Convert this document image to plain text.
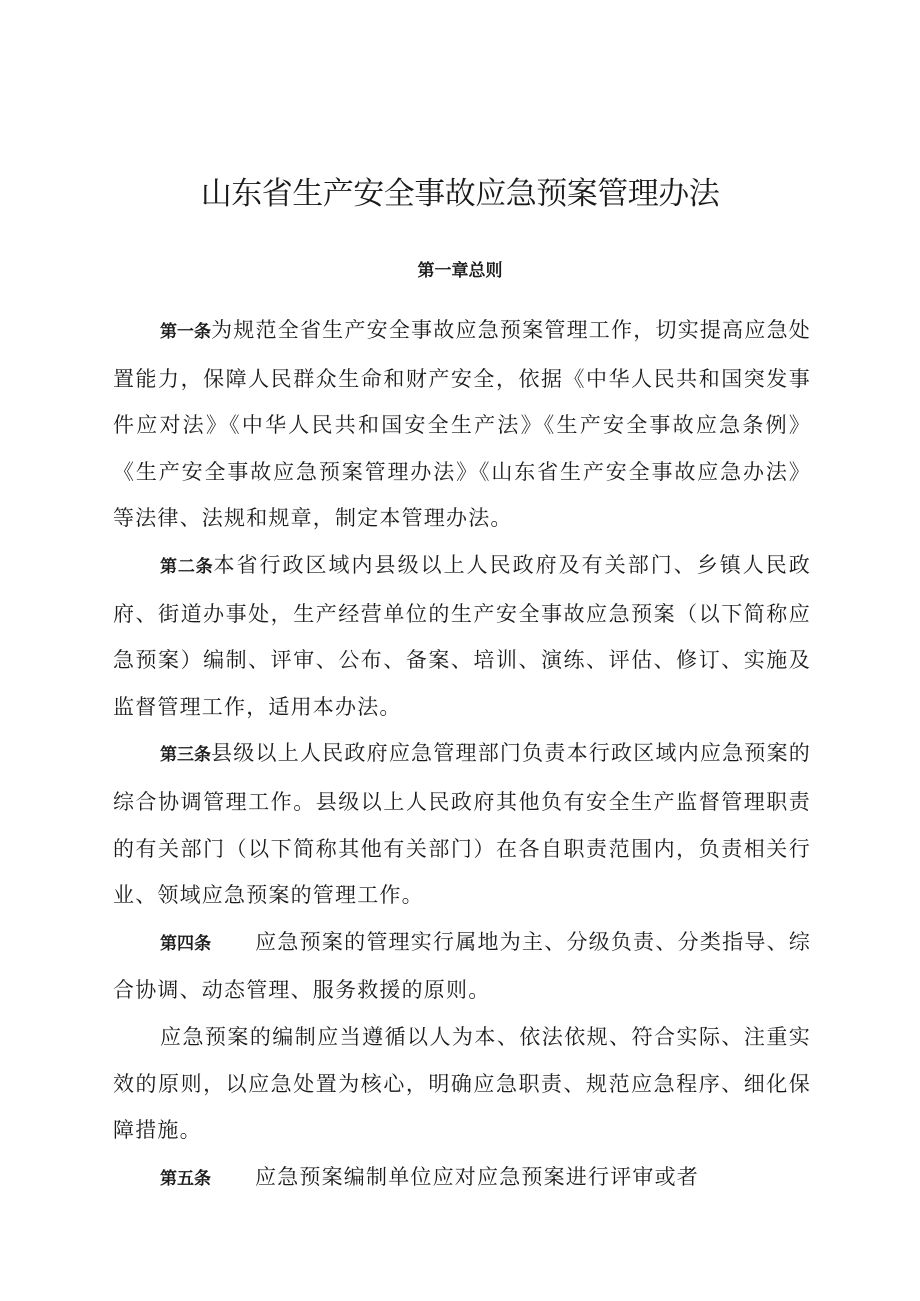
山东省生产安全事故应急预案管理办法
第一章总则

第一条为规范全省生产安全事故应急预案管理工作，切实提高应急处置能力，保障人民群众生命和财产安全，依据《中华人民共和国突发事件应对法》《中华人民共和国安全生产法》《生产安全事故应急条例》《生产安全事故应急预案管理办法》《山东省生产安全事故应急办法》等法律、法规和规章，制定本管理办法。

第二条本省行政区域内县级以上人民政府及有关部门、乡镇人民政府、街道办事处，生产经营单位的生产安全事故应急预案（以下简称应急预案）编制、评审、公布、备案、培训、演练、评估、修订、实施及监督管理工作，适用本办法。

第三条县级以上人民政府应急管理部门负责本行政区域内应急预案的综合协调管理工作。县级以上人民政府其他负有安全生产监督管理职责的有关部门（以下简称其他有关部门）在各自职责范围内，负责相关行业、领域应急预案的管理工作。

第四条 应急预案的管理实行属地为主、分级负责、分类指导、综合协调、动态管理、服务救援的原则。

应急预案的编制应当遵循以人为本、依法依规、符合实际、注重实效的原则，以应急处置为核心，明确应急职责、规范应急程序、细化保障措施。

第五条 应急预案编制单位应对应急预案进行评审或者
